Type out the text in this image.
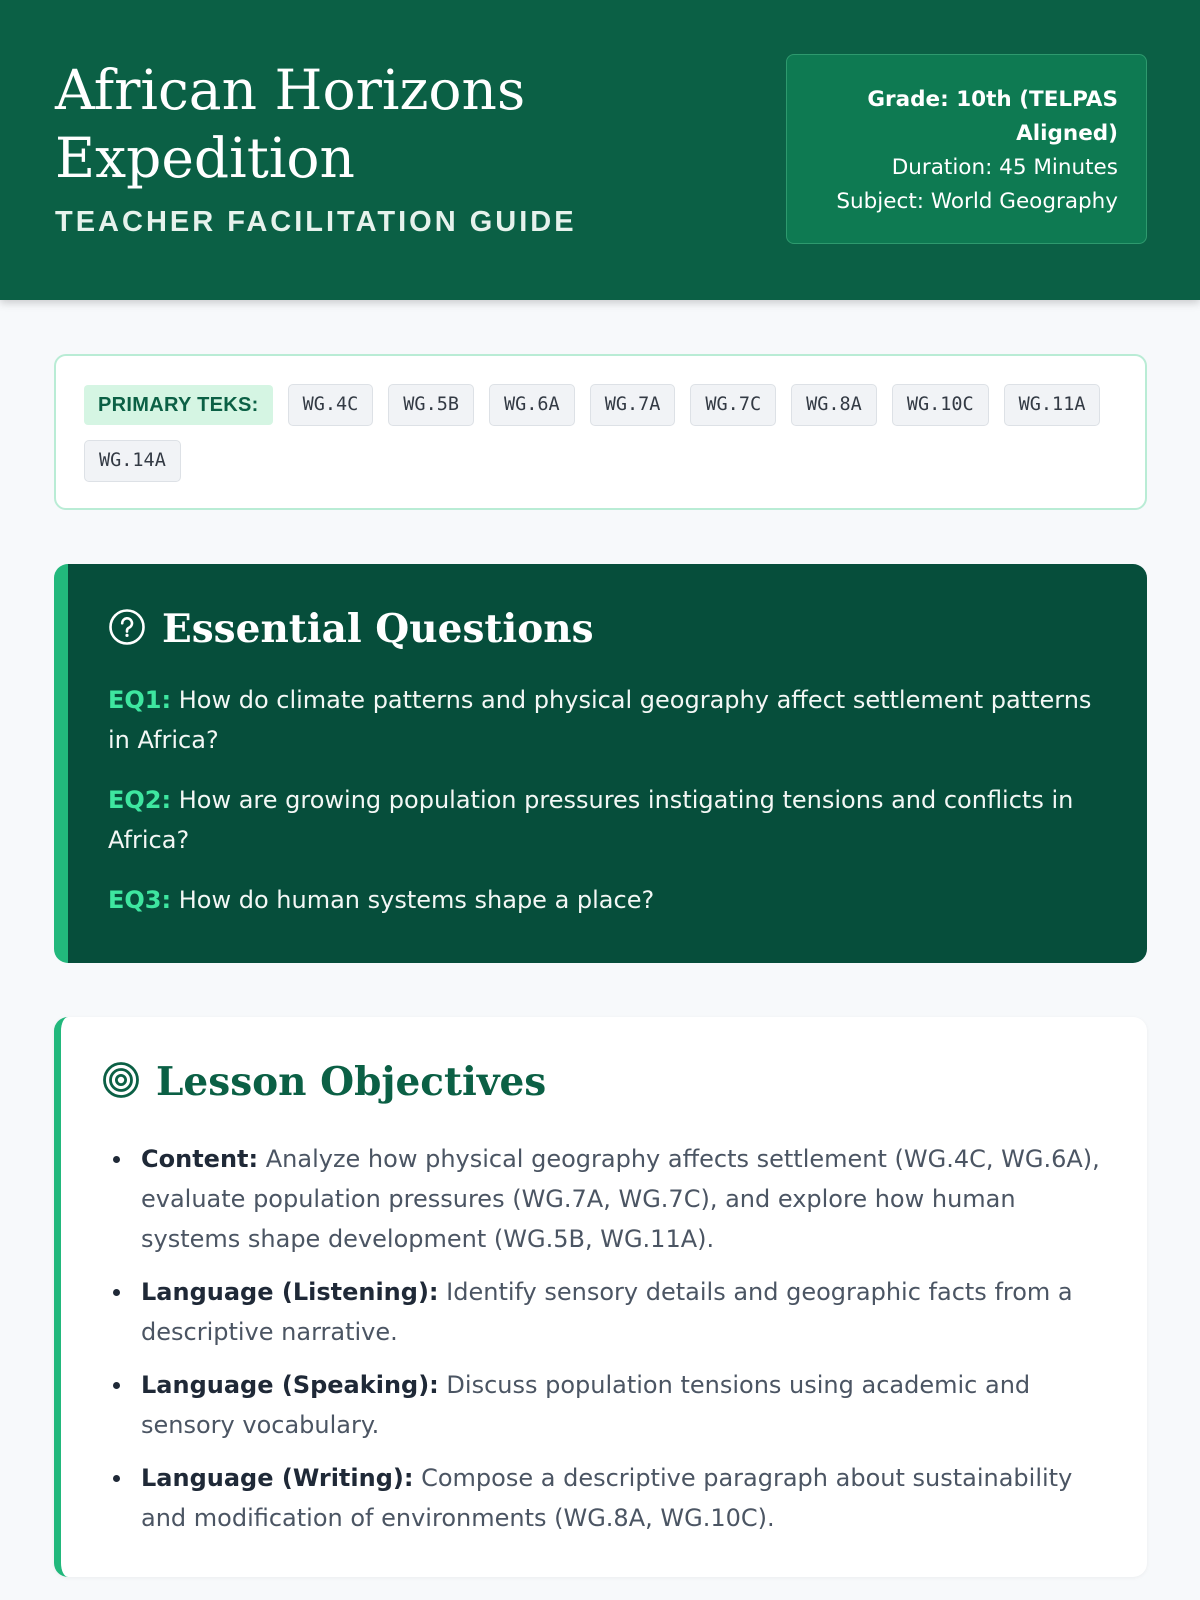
African Horizons Expedition
TEACHER FACILITATION GUIDE
Grade: 10th (TELPAS Aligned)
Duration: 45 Minutes
Subject: World Geography
PRIMARY TEKS:	WG.4C	WG.5B	WG.6A	WG.7A	WG.7C	WG.8A	WG.10C	WG.11A
WG.14A
Essential Questions

EQ1: How do climate patterns and physical geography affect settlement patterns in Africa?

EQ2: How are growing population pressures instigating tensions and conflicts in Africa?

EQ3: How do human systems shape a place?

Lesson Objectives
Content: Analyze how physical geography affects settlement (WG.4C, WG.6A), evaluate population pressures (WG.7A, WG.7C), and explore how human systems shape development (WG.5B, WG.11A).
Language (Listening): Identify sensory details and geographic facts from a descriptive narrative.
Language (Speaking): Discuss population tensions using academic and sensory vocabulary.
Language (Writing): Compose a descriptive paragraph about sustainability and modification of environments (WG.8A, WG.10C).
